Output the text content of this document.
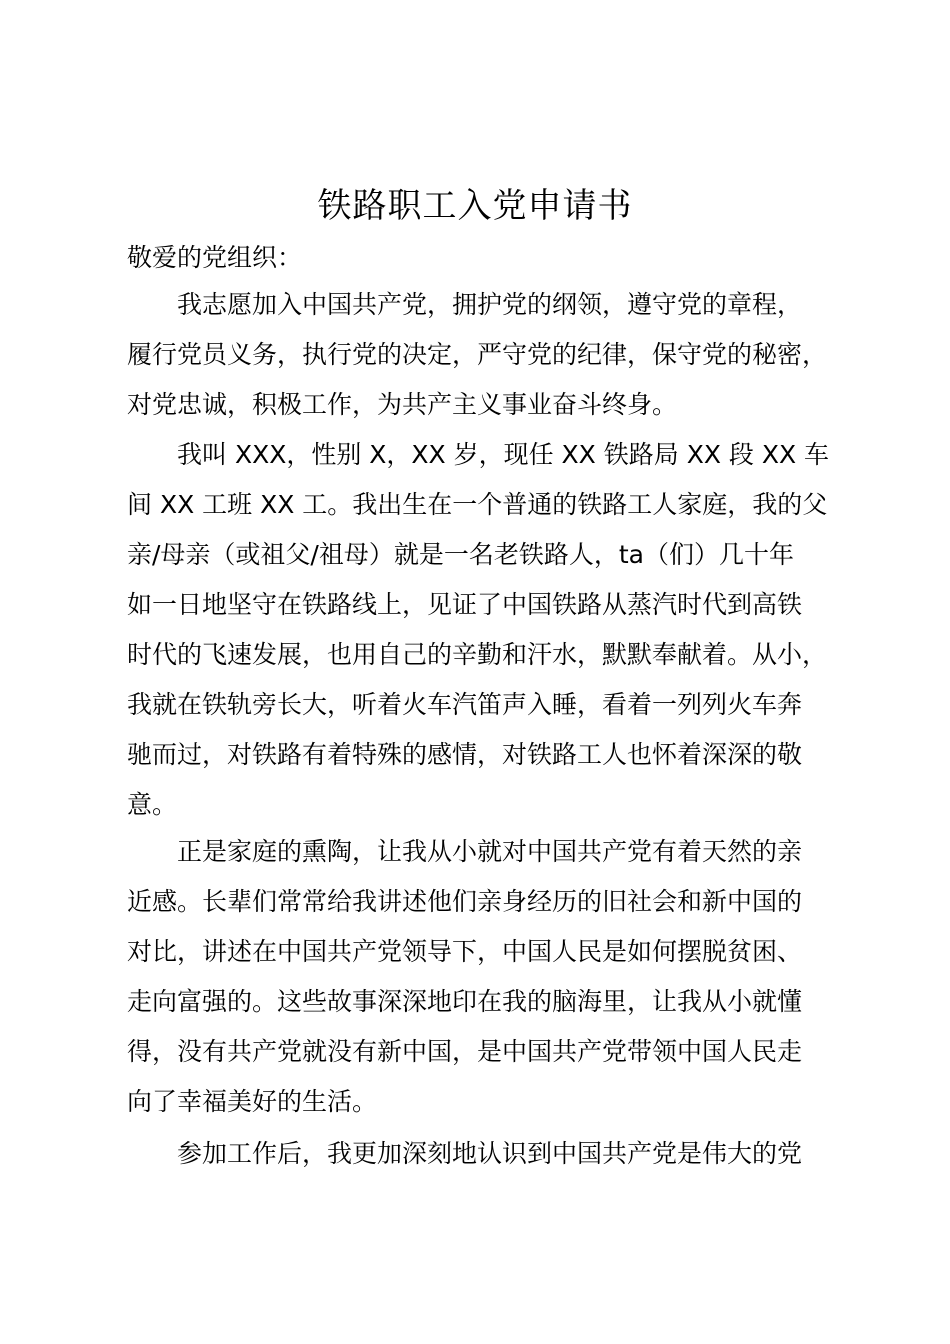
铁路职工入党申请书
敬爱的党组织：
我志愿加入中国共产党，拥护党的纲领，遵守党的章程，
履行党员义务，执行党的决定，严守党的纪律，保守党的秘密，
对党忠诚，积极工作，为共产主义事业奋斗终身。
我叫 XXX，性别 X，XX 岁，现任 XX 铁路局 XX 段 XX 车
间 XX 工班 XX 工。我出生在一个普通的铁路工人家庭，我的父
亲/母亲（或祖父/祖母）就是一名老铁路人，ta（们）几十年
如一日地坚守在铁路线上，见证了中国铁路从蒸汽时代到高铁
时代的飞速发展，也用自己的辛勤和汗水，默默奉献着。从小，
我就在铁轨旁长大，听着火车汽笛声入睡，看着一列列火车奔
驰而过，对铁路有着特殊的感情，对铁路工人也怀着深深的敬
意。
正是家庭的熏陶，让我从小就对中国共产党有着天然的亲
近感。长辈们常常给我讲述他们亲身经历的旧社会和新中国的
对比，讲述在中国共产党领导下，中国人民是如何摆脱贫困、
走向富强的。这些故事深深地印在我的脑海里，让我从小就懂
得，没有共产党就没有新中国，是中国共产党带领中国人民走
向了幸福美好的生活。
参加工作后，我更加深刻地认识到中国共产党是伟大的党
